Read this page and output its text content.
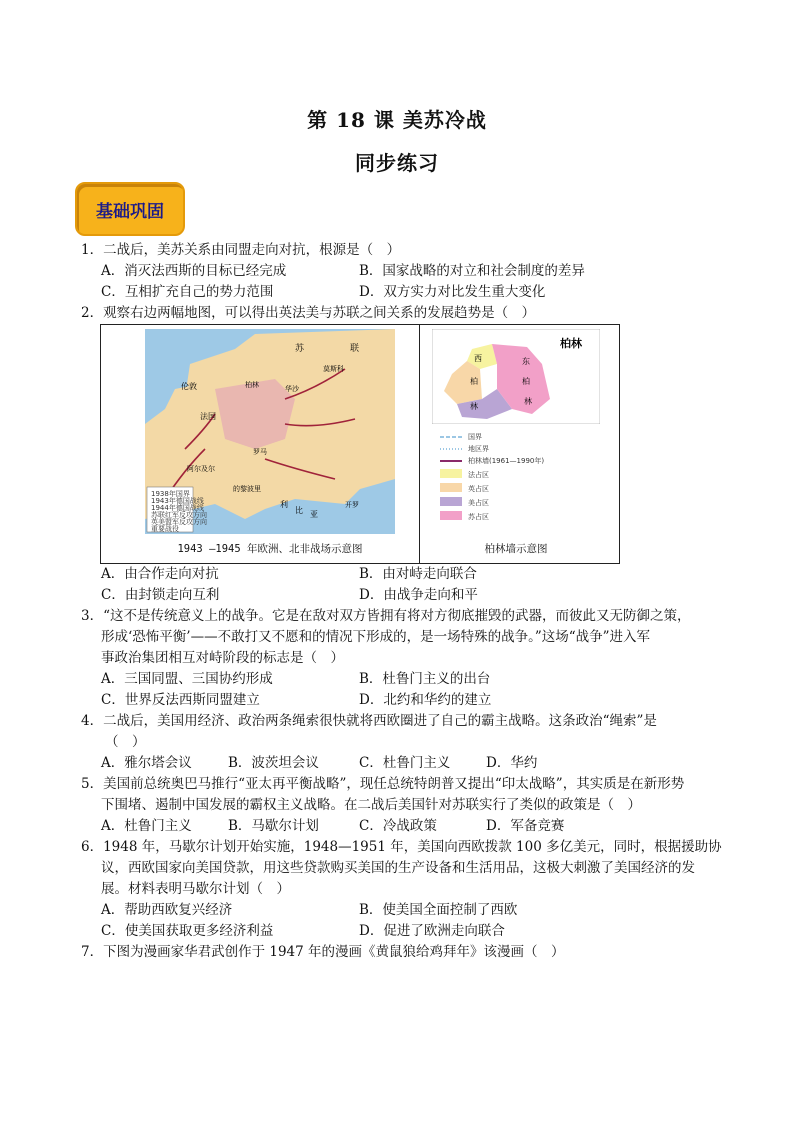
第 18 课 美苏冷战
同步练习
基础巩固
1．二战后，美苏关系由同盟走向对抗，根源是（　）
A．消灭法西斯的目标已经完成	B．国家战略的对立和社会制度的差异
C．互相扩充自己的势力范围	D．双方实力对比发生重大变化
2．观察右边两幅地图，可以得出英法美与苏联之间关系的发展趋势是（　）
苏	联
伦敦
法国
罗马
阿尔及尔
的黎波里
开罗
利
比 亚
华沙
莫斯科
柏林
1938年国界
1943年德国战线
1944年德国战线
苏联红军反攻方向
英美盟军反攻方向
重要战役
1943 —1945 年欧洲、北非战场示意图
柏林
西
柏
林
东
柏
林
国界
地区界
柏林墙(1961—1990年)
法占区
英占区
美占区
苏占区
柏林墙示意图
A．由合作走向对抗	B．由对峙走向联合
C．由封锁走向互利	D．由战争走向和平
3．“这不是传统意义上的战争。它是在敌对双方皆拥有将对方彻底摧毁的武器，而彼此又无防御之策，
形成‘恐怖平衡’——不敢打又不愿和的情况下形成的，是一场特殊的战争。”这场“战争”进入军
事政治集团相互对峙阶段的标志是（　）
A．三国同盟、三国协约形成	B．杜鲁门主义的出台
C．世界反法西斯同盟建立	D．北约和华约的建立
4．二战后，美国用经济、政治两条绳索很快就将西欧圈进了自己的霸主战略。这条政治“绳索”是
（　）
A．雅尔塔会议	B．波茨坦会议	C．杜鲁门主义	D．华约
5．美国前总统奥巴马推行“亚太再平衡战略”，现任总统特朗普又提出“印太战略”，其实质是在新形势
下围堵、遏制中国发展的霸权主义战略。在二战后美国针对苏联实行了类似的政策是（　）
A．杜鲁门主义	B．马歇尔计划	C．冷战政策	D．军备竞赛
6．1948 年，马歇尔计划开始实施，1948—1951 年，美国向西欧拨款 100 多亿美元，同时，根据援助协
议，西欧国家向美国贷款，用这些贷款购买美国的生产设备和生活用品，这极大刺激了美国经济的发
展。材料表明马歇尔计划（　）
A．帮助西欧复兴经济	B．使美国全面控制了西欧
C．使美国获取更多经济利益	D．促进了欧洲走向联合
7．下图为漫画家华君武创作于 1947 年的漫画《黄鼠狼给鸡拜年》该漫画（　）
